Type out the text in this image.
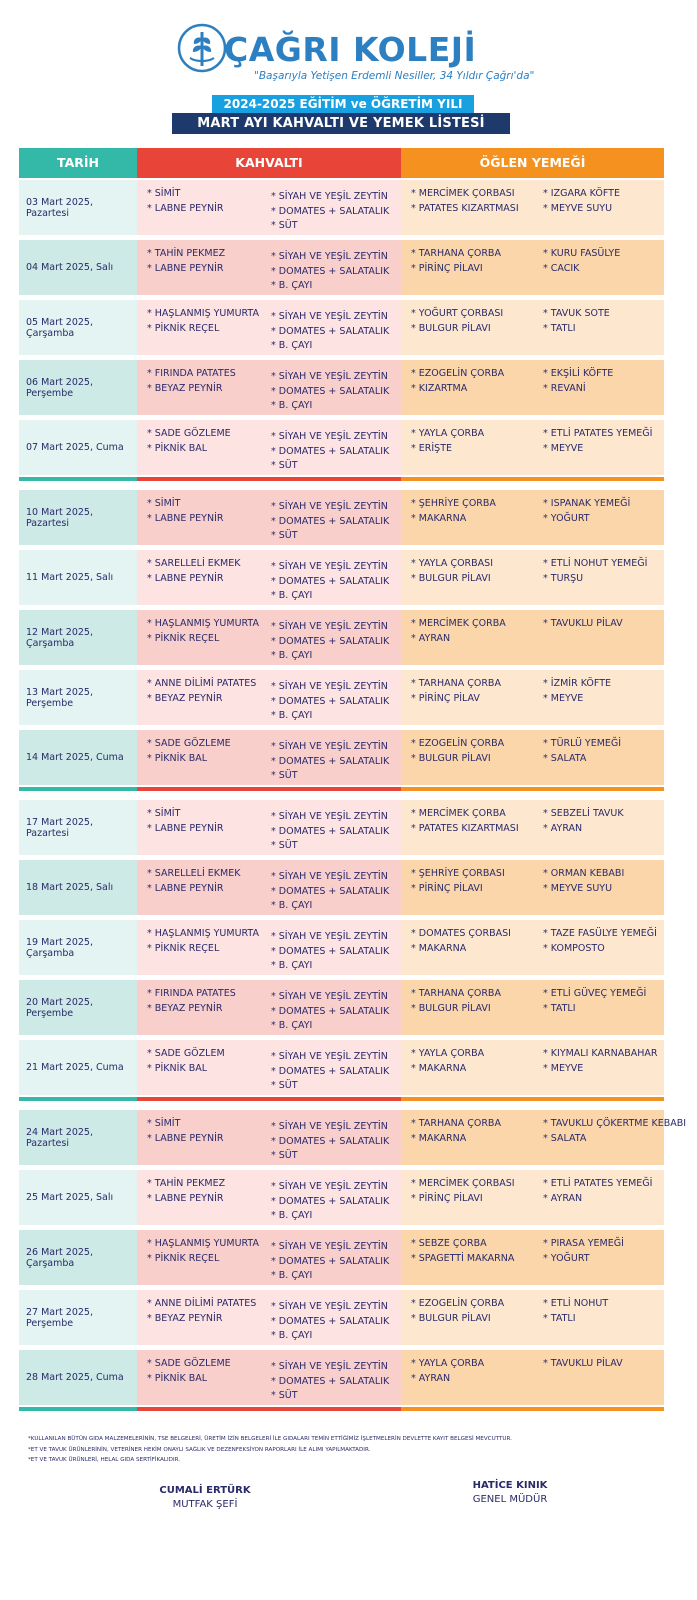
ÇAĞRI KOLEJİ
"Başarıyla Yetişen Erdemli Nesiller, 34 Yıldır Çağrı'da"
2024-2025 EĞİTİM ve ÖĞRETİM YILI
MART AYI KAHVALTI VE YEMEK LİSTESİ
TARİH	KAHVALTI	ÖĞLEN YEMEĞİ
03 Mart 2025, Pazartesi
* SİMİT
* LABNE PEYNİR
* SİYAH VE YEŞİL ZEYTİN
* DOMATES + SALATALIK
* SÜT
* MERCİMEK ÇORBASI
* PATATES KIZARTMASI
* IZGARA KÖFTE
* MEYVE SUYU
04 Mart 2025, Salı
* TAHİN PEKMEZ
* LABNE PEYNİR
* SİYAH VE YEŞİL ZEYTİN
* DOMATES + SALATALIK
* B. ÇAYI
* TARHANA ÇORBA
* PİRİNÇ PİLAVI
* KURU FASÜLYE
* CACIK
05 Mart 2025, Çarşamba
* HAŞLANMIŞ YUMURTA
* PİKNİK REÇEL
* SİYAH VE YEŞİL ZEYTİN
* DOMATES + SALATALIK
* B. ÇAYI
* YOĞURT ÇORBASI
* BULGUR PİLAVI
* TAVUK SOTE
* TATLI
06 Mart 2025, Perşembe
* FIRINDA PATATES
* BEYAZ PEYNİR
* SİYAH VE YEŞİL ZEYTİN
* DOMATES + SALATALIK
* B. ÇAYI
* EZOGELİN ÇORBA
* KIZARTMA
* EKŞİLİ KÖFTE
* REVANİ
07 Mart 2025, Cuma
* SADE GÖZLEME
* PİKNİK BAL
* SİYAH VE YEŞİL ZEYTİN
* DOMATES + SALATALIK
* SÜT
* YAYLA ÇORBA
* ERİŞTE
* ETLİ PATATES YEMEĞİ
* MEYVE
10 Mart 2025, Pazartesi
* SİMİT
* LABNE PEYNİR
* SİYAH VE YEŞİL ZEYTİN
* DOMATES + SALATALIK
* SÜT
* ŞEHRİYE ÇORBA
* MAKARNA
* ISPANAK YEMEĞİ
* YOĞURT
11 Mart 2025, Salı
* SARELLELİ EKMEK
* LABNE PEYNİR
* SİYAH VE YEŞİL ZEYTİN
* DOMATES + SALATALIK
* B. ÇAYI
* YAYLA ÇORBASI
* BULGUR PİLAVI
* ETLİ NOHUT YEMEĞİ
* TURŞU
12 Mart 2025, Çarşamba
* HAŞLANMIŞ YUMURTA
* PİKNİK REÇEL
* SİYAH VE YEŞİL ZEYTİN
* DOMATES + SALATALIK
* B. ÇAYI
* MERCİMEK ÇORBA
* AYRAN
* TAVUKLU PİLAV
13 Mart 2025, Perşembe
* ANNE DİLİMİ PATATES
* BEYAZ PEYNİR
* SİYAH VE YEŞİL ZEYTİN
* DOMATES + SALATALIK
* B. ÇAYI
* TARHANA ÇORBA
* PİRİNÇ PİLAV
* İZMİR KÖFTE
* MEYVE
14 Mart 2025, Cuma
* SADE GÖZLEME
* PİKNİK BAL
* SİYAH VE YEŞİL ZEYTİN
* DOMATES + SALATALIK
* SÜT
* EZOGELİN ÇORBA
* BULGUR PİLAVI
* TÜRLÜ YEMEĞİ
* SALATA
17 Mart 2025, Pazartesi
* SİMİT
* LABNE PEYNİR
* SİYAH VE YEŞİL ZEYTİN
* DOMATES + SALATALIK
* SÜT
* MERCİMEK ÇORBA
* PATATES KIZARTMASI
* SEBZELİ TAVUK
* AYRAN
18 Mart 2025, Salı
* SARELLELİ EKMEK
* LABNE PEYNİR
* SİYAH VE YEŞİL ZEYTİN
* DOMATES + SALATALIK
* B. ÇAYI
* ŞEHRİYE ÇORBASI
* PİRİNÇ PİLAVI
* ORMAN KEBABI
* MEYVE SUYU
19 Mart 2025, Çarşamba
* HAŞLANMIŞ YUMURTA
* PİKNİK REÇEL
* SİYAH VE YEŞİL ZEYTİN
* DOMATES + SALATALIK
* B. ÇAYI
* DOMATES ÇORBASI
* MAKARNA
* TAZE FASÜLYE YEMEĞİ
* KOMPOSTO
20 Mart 2025, Perşembe
* FIRINDA PATATES
* BEYAZ PEYNİR
* SİYAH VE YEŞİL ZEYTİN
* DOMATES + SALATALIK
* B. ÇAYI
* TARHANA ÇORBA
* BULGUR PİLAVI
* ETLİ GÜVEÇ YEMEĞİ
* TATLI
21 Mart 2025, Cuma
* SADE GÖZLEM
* PİKNİK BAL
* SİYAH VE YEŞİL ZEYTİN
* DOMATES + SALATALIK
* SÜT
* YAYLA ÇORBA
* MAKARNA
* KIYMALI KARNABAHAR
* MEYVE
24 Mart 2025, Pazartesi
* SİMİT
* LABNE PEYNİR
* SİYAH VE YEŞİL ZEYTİN
* DOMATES + SALATALIK
* SÜT
* TARHANA ÇORBA
* MAKARNA
* TAVUKLU ÇÖKERTME KEBABI
* SALATA
25 Mart 2025, Salı
* TAHİN PEKMEZ
* LABNE PEYNİR
* SİYAH VE YEŞİL ZEYTİN
* DOMATES + SALATALIK
* B. ÇAYI
* MERCİMEK ÇORBASI
* PİRİNÇ PİLAVI
* ETLİ PATATES YEMEĞİ
* AYRAN
26 Mart 2025, Çarşamba
* HAŞLANMIŞ YUMURTA
* PİKNİK REÇEL
* SİYAH VE YEŞİL ZEYTİN
* DOMATES + SALATALIK
* B. ÇAYI
* SEBZE ÇORBA
* SPAGETTİ MAKARNA
* PIRASA YEMEĞİ
* YOĞURT
27 Mart 2025, Perşembe
* ANNE DİLİMİ PATATES
* BEYAZ PEYNİR
* SİYAH VE YEŞİL ZEYTİN
* DOMATES + SALATALIK
* B. ÇAYI
* EZOGELİN ÇORBA
* BULGUR PİLAVI
* ETLİ NOHUT
* TATLI
28 Mart 2025, Cuma
* SADE GÖZLEME
* PİKNİK BAL
* SİYAH VE YEŞİL ZEYTİN
* DOMATES + SALATALIK
* SÜT
* YAYLA ÇORBA
* AYRAN
* TAVUKLU PİLAV
*KULLANILAN BÜTÜN GIDA MALZEMELERİNİN, TSE BELGELERİ, ÜRETİM İZİN BELGELERİ İLE GIDALARI TEMİN ETTİĞİMİZ İŞLETMELERİN DEVLETTE KAYIT BELGESİ MEVCUTTUR.
*ET VE TAVUK ÜRÜNLERİNİN, VETERİNER HEKİM ONAYLI SAĞLIK VE DEZENFEKSİYON RAPORLARI İLE ALIMI YAPILMAKTADIR.
*ET VE TAVUK ÜRÜNLERİ, HELAL GIDA SERTİFİKALIDIR.
CUMALİ ERTÜRK
MUTFAK ŞEFİ
HATİCE KINIK
GENEL MÜDÜR
